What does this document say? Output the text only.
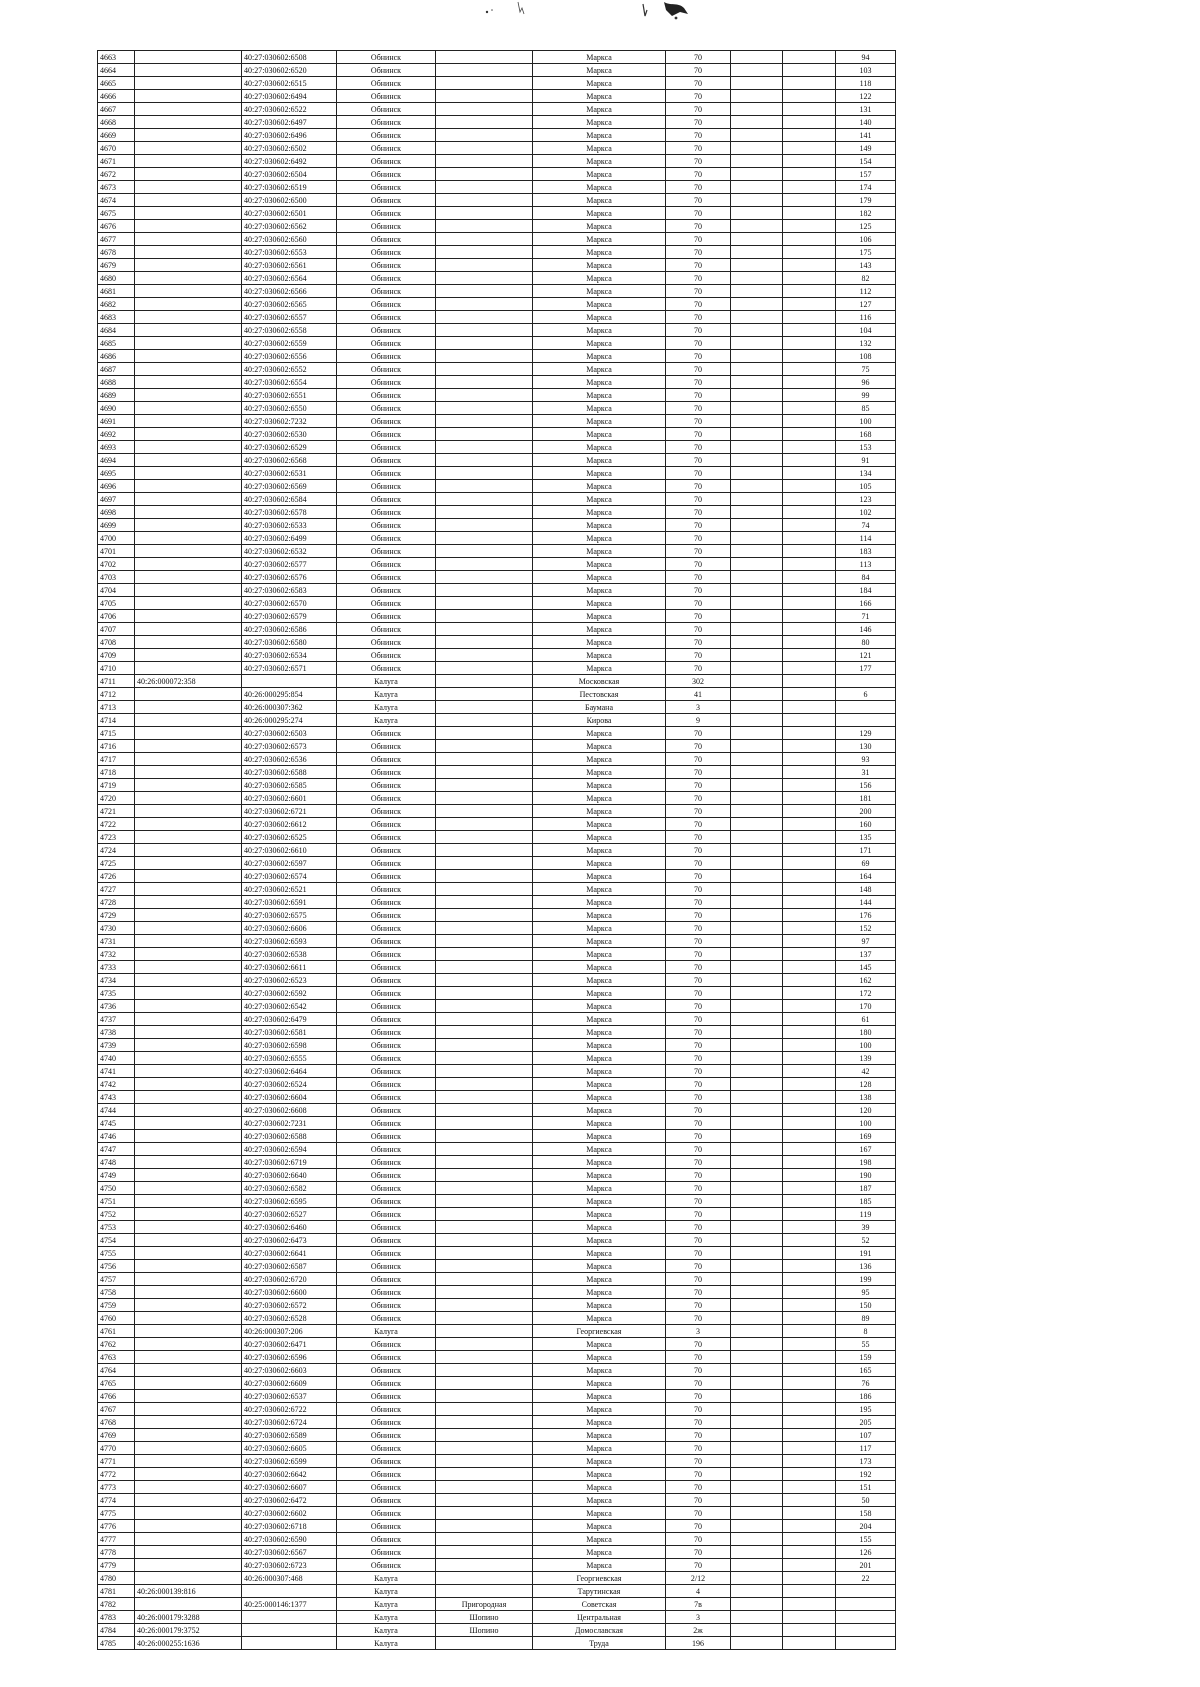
4663		40:27:030602:6508	Обнинск		Маркса	70			94
4664		40:27:030602:6520	Обнинск		Маркса	70			103
4665		40:27:030602:6515	Обнинск		Маркса	70			118
4666		40:27:030602:6494	Обнинск		Маркса	70			122
4667		40:27:030602:6522	Обнинск		Маркса	70			131
4668		40:27:030602:6497	Обнинск		Маркса	70			140
4669		40:27:030602:6496	Обнинск		Маркса	70			141
4670		40:27:030602:6502	Обнинск		Маркса	70			149
4671		40:27:030602:6492	Обнинск		Маркса	70			154
4672		40:27:030602:6504	Обнинск		Маркса	70			157
4673		40:27:030602:6519	Обнинск		Маркса	70			174
4674		40:27:030602:6500	Обнинск		Маркса	70			179
4675		40:27:030602:6501	Обнинск		Маркса	70			182
4676		40:27:030602:6562	Обнинск		Маркса	70			125
4677		40:27:030602:6560	Обнинск		Маркса	70			106
4678		40:27:030602:6553	Обнинск		Маркса	70			175
4679		40:27:030602:6561	Обнинск		Маркса	70			143
4680		40:27:030602:6564	Обнинск		Маркса	70			82
4681		40:27:030602:6566	Обнинск		Маркса	70			112
4682		40:27:030602:6565	Обнинск		Маркса	70			127
4683		40:27:030602:6557	Обнинск		Маркса	70			116
4684		40:27:030602:6558	Обнинск		Маркса	70			104
4685		40:27:030602:6559	Обнинск		Маркса	70			132
4686		40:27:030602:6556	Обнинск		Маркса	70			108
4687		40:27:030602:6552	Обнинск		Маркса	70			75
4688		40:27:030602:6554	Обнинск		Маркса	70			96
4689		40:27:030602:6551	Обнинск		Маркса	70			99
4690		40:27:030602:6550	Обнинск		Маркса	70			85
4691		40:27:030602:7232	Обнинск		Маркса	70			100
4692		40:27:030602:6530	Обнинск		Маркса	70			168
4693		40:27:030602:6529	Обнинск		Маркса	70			153
4694		40:27:030602:6568	Обнинск		Маркса	70			91
4695		40:27:030602:6531	Обнинск		Маркса	70			134
4696		40:27:030602:6569	Обнинск		Маркса	70			105
4697		40:27:030602:6584	Обнинск		Маркса	70			123
4698		40:27:030602:6578	Обнинск		Маркса	70			102
4699		40:27:030602:6533	Обнинск		Маркса	70			74
4700		40:27:030602:6499	Обнинск		Маркса	70			114
4701		40:27:030602:6532	Обнинск		Маркса	70			183
4702		40:27:030602:6577	Обнинск		Маркса	70			113
4703		40:27:030602:6576	Обнинск		Маркса	70			84
4704		40:27:030602:6583	Обнинск		Маркса	70			184
4705		40:27:030602:6570	Обнинск		Маркса	70			166
4706		40:27:030602:6579	Обнинск		Маркса	70			71
4707		40:27:030602:6586	Обнинск		Маркса	70			146
4708		40:27:030602:6580	Обнинск		Маркса	70			80
4709		40:27:030602:6534	Обнинск		Маркса	70			121
4710		40:27:030602:6571	Обнинск		Маркса	70			177
4711	40:26:000072:358		Калуга		Московская	302			
4712		40:26:000295:854	Калуга		Пестовская	41			6
4713		40:26:000307:362	Калуга		Баумана	3			
4714		40:26:000295:274	Калуга		Кирова	9			
4715		40:27:030602:6503	Обнинск		Маркса	70			129
4716		40:27:030602:6573	Обнинск		Маркса	70			130
4717		40:27:030602:6536	Обнинск		Маркса	70			93
4718		40:27:030602:6588	Обнинск		Маркса	70			31
4719		40:27:030602:6585	Обнинск		Маркса	70			156
4720		40:27:030602:6601	Обнинск		Маркса	70			181
4721		40:27:030602:6721	Обнинск		Маркса	70			200
4722		40:27:030602:6612	Обнинск		Маркса	70			160
4723		40:27:030602:6525	Обнинск		Маркса	70			135
4724		40:27:030602:6610	Обнинск		Маркса	70			171
4725		40:27:030602:6597	Обнинск		Маркса	70			69
4726		40:27:030602:6574	Обнинск		Маркса	70			164
4727		40:27:030602:6521	Обнинск		Маркса	70			148
4728		40:27:030602:6591	Обнинск		Маркса	70			144
4729		40:27:030602:6575	Обнинск		Маркса	70			176
4730		40:27:030602:6606	Обнинск		Маркса	70			152
4731		40:27:030602:6593	Обнинск		Маркса	70			97
4732		40:27:030602:6538	Обнинск		Маркса	70			137
4733		40:27:030602:6611	Обнинск		Маркса	70			145
4734		40:27:030602:6523	Обнинск		Маркса	70			162
4735		40:27:030602:6592	Обнинск		Маркса	70			172
4736		40:27:030602:6542	Обнинск		Маркса	70			170
4737		40:27:030602:6479	Обнинск		Маркса	70			61
4738		40:27:030602:6581	Обнинск		Маркса	70			180
4739		40:27:030602:6598	Обнинск		Маркса	70			100
4740		40:27:030602:6555	Обнинск		Маркса	70			139
4741		40:27:030602:6464	Обнинск		Маркса	70			42
4742		40:27:030602:6524	Обнинск		Маркса	70			128
4743		40:27:030602:6604	Обнинск		Маркса	70			138
4744		40:27:030602:6608	Обнинск		Маркса	70			120
4745		40:27:030602:7231	Обнинск		Маркса	70			100
4746		40:27:030602:6588	Обнинск		Маркса	70			169
4747		40:27:030602:6594	Обнинск		Маркса	70			167
4748		40:27:030602:6719	Обнинск		Маркса	70			198
4749		40:27:030602:6640	Обнинск		Маркса	70			190
4750		40:27:030602:6582	Обнинск		Маркса	70			187
4751		40:27:030602:6595	Обнинск		Маркса	70			185
4752		40:27:030602:6527	Обнинск		Маркса	70			119
4753		40:27:030602:6460	Обнинск		Маркса	70			39
4754		40:27:030602:6473	Обнинск		Маркса	70			52
4755		40:27:030602:6641	Обнинск		Маркса	70			191
4756		40:27:030602:6587	Обнинск		Маркса	70			136
4757		40:27:030602:6720	Обнинск		Маркса	70			199
4758		40:27:030602:6600	Обнинск		Маркса	70			95
4759		40:27:030602:6572	Обнинск		Маркса	70			150
4760		40:27:030602:6528	Обнинск		Маркса	70			89
4761		40:26:000307:206	Калуга		Георгиевская	3			8
4762		40:27:030602:6471	Обнинск		Маркса	70			55
4763		40:27:030602:6596	Обнинск		Маркса	70			159
4764		40:27:030602:6603	Обнинск		Маркса	70			165
4765		40:27:030602:6609	Обнинск		Маркса	70			76
4766		40:27:030602:6537	Обнинск		Маркса	70			186
4767		40:27:030602:6722	Обнинск		Маркса	70			195
4768		40:27:030602:6724	Обнинск		Маркса	70			205
4769		40:27:030602:6589	Обнинск		Маркса	70			107
4770		40:27:030602:6605	Обнинск		Маркса	70			117
4771		40:27:030602:6599	Обнинск		Маркса	70			173
4772		40:27:030602:6642	Обнинск		Маркса	70			192
4773		40:27:030602:6607	Обнинск		Маркса	70			151
4774		40:27:030602:6472	Обнинск		Маркса	70			50
4775		40:27:030602:6602	Обнинск		Маркса	70			158
4776		40:27:030602:6718	Обнинск		Маркса	70			204
4777		40:27:030602:6590	Обнинск		Маркса	70			155
4778		40:27:030602:6567	Обнинск		Маркса	70			126
4779		40:27:030602:6723	Обнинск		Маркса	70			201
4780		40:26:000307:468	Калуга		Георгиевская	2/12			22
4781	40:26:000139:816		Калуга		Тарутинская	4			
4782		40:25:000146:1377	Калуга	Пригородная	Советская	7в			
4783	40:26:000179:3288		Калуга	Шопино	Центральная	3			
4784	40:26:000179:3752		Калуга	Шопино	Домославская	2ж			
4785	40:26:000255:1636		Калуга		Труда	196			
